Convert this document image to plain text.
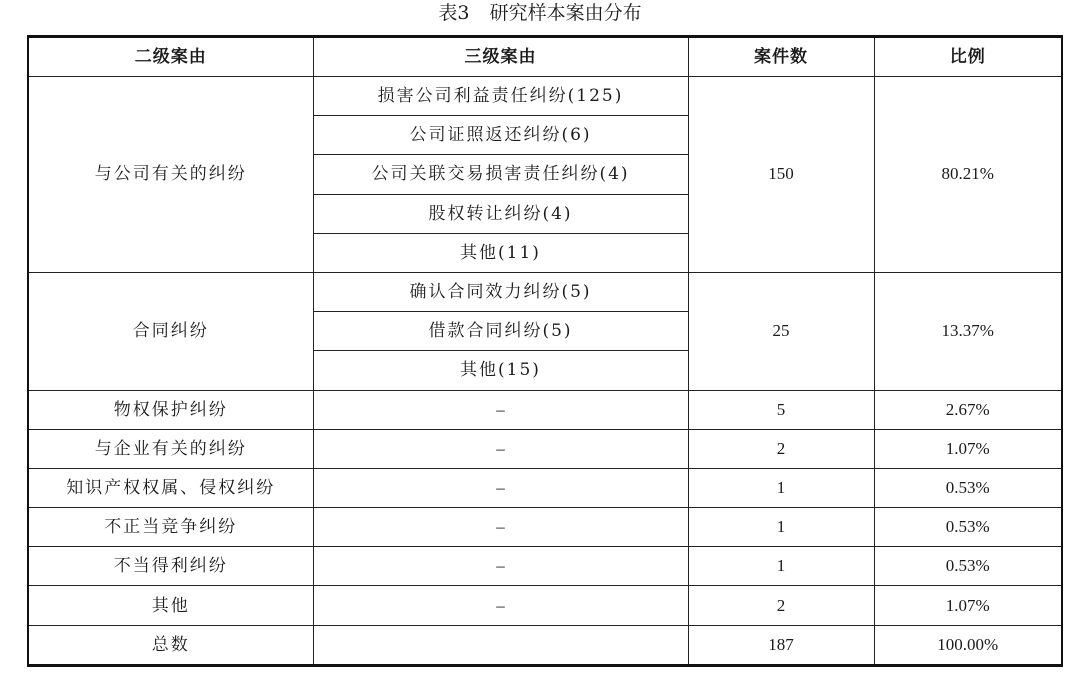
表3 研究样本案由分布
二级案由	三级案由	案件数	比例
与公司有关的纠纷	损害公司利益责任纠纷(125)	150	80.21%
	公司证照返还纠纷(6)		
	公司关联交易损害责任纠纷(4)		
	股权转让纠纷(4)		
	其他(11)		
合同纠纷	确认合同效力纠纷(5)	25	13.37%
	借款合同纠纷(5)		
	其他(15)		
物权保护纠纷	–	5	2.67%
与企业有关的纠纷	–	2	1.07%
知识产权权属、侵权纠纷	–	1	0.53%
不正当竞争纠纷	–	1	0.53%
不当得利纠纷	–	1	0.53%
其他	–	2	1.07%
总数		187	100.00%
